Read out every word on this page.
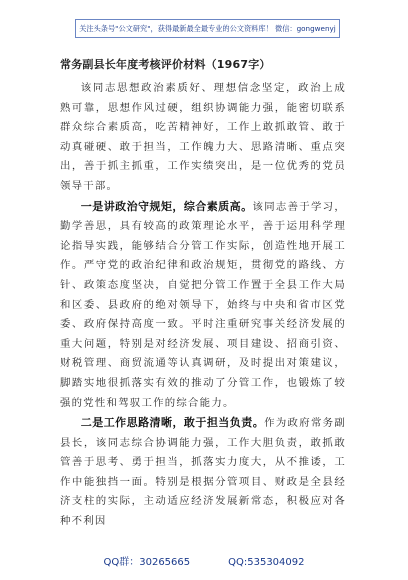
关注头条号"公文研究"，获得最新最全最专业的公文资料库！ 微信：gongwenyj
常务副县长年度考核评价材料（1967字）

该同志思想政治素质好、理想信念坚定，政治上成熟可靠，思想作风过硬，组织协调能力强，能密切联系群众综合素质高，吃苦精神好，工作上敢抓敢管、敢于动真碰硬、敢于担当，工作魄力大、思路清晰、重点突出，善于抓主抓重，工作实绩突出，是一位优秀的党员领导干部。

一是讲政治守规矩，综合素质高。该同志善于学习，勤学善思，具有较高的政策理论水平，善于运用科学理论指导实践，能够结合分管工作实际，创造性地开展工作。严守党的政治纪律和政治规矩，贯彻党的路线、方针、政策态度坚决，自觉把分管工作置于全县工作大局和区委、县政府的绝对领导下，始终与中央和省市区党委、政府保持高度一致。平时注重研究事关经济发展的重大问题，特别是对经济发展、项目建设、招商引资、财税管理、商贸流通等认真调研，及时提出对策建议，脚踏实地很抓落实有效的推动了分管工作，也锻炼了较强的党性和驾驭工作的综合能力。

二是工作思路清晰，敢于担当负责。作为政府常务副县长，该同志综合协调能力强，工作大胆负责，敢抓敢管善于思考、勇于担当，抓落实力度大，从不推诿，工作中能独挡一面。特别是根据分管项目、财政是全县经济支柱的实际，主动适应经济发展新常态，积极应对各种不利因

QQ群：30265665	QQ:535304092
